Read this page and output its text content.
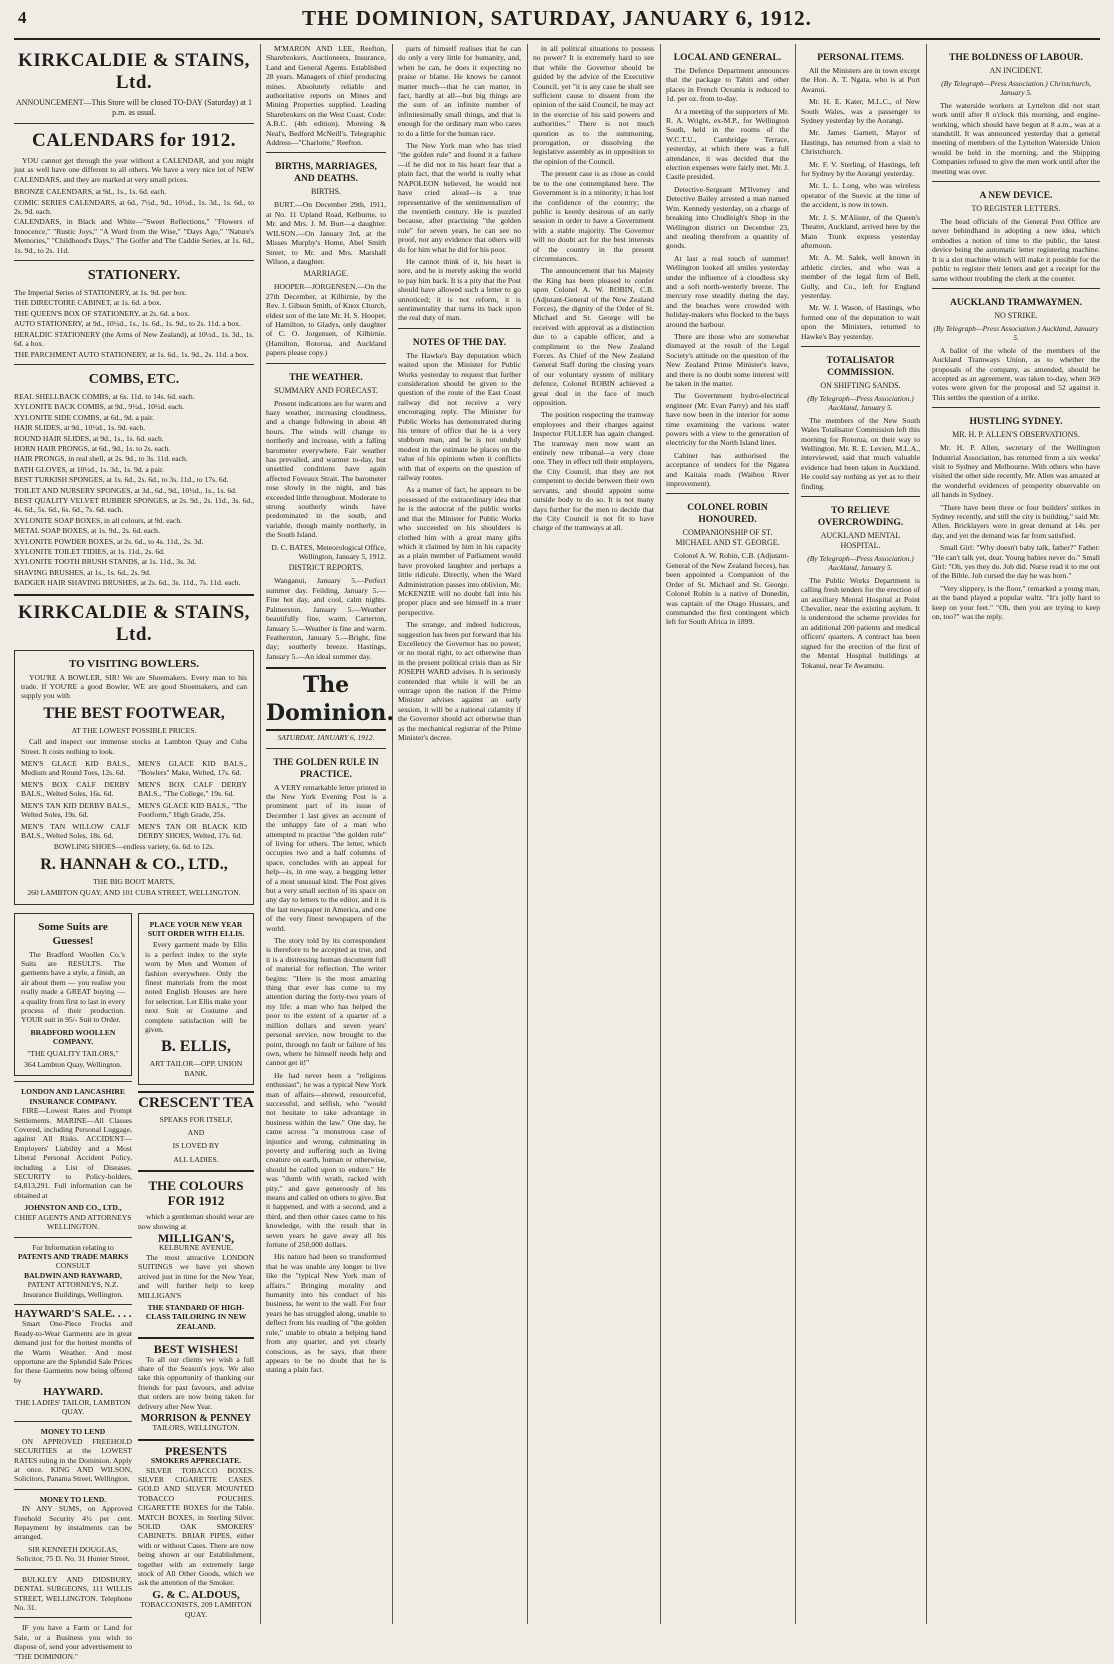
4	THE DOMINION, SATURDAY, JANUARY 6, 1912.
KIRKCALDIE & STAINS, Ltd.
ANNOUNCEMENT—This Store will be closed TO-DAY (Saturday) at 1 p.m. as usual.
CALENDARS for 1912.

YOU cannot get through the year without a CALENDAR, and you might just as well have one different to all others. We have a very nice lot of NEW CALENDARS, and they are marked at very small prices.

BRONZE CALENDARS, at 9d., 1s., 1s. 6d. each.
COMIC SERIES CALENDARS, at 6d., 7½d., 9d., 10½d., 1s. 3d., 1s. 6d., to 2s. 9d. each.
CALENDARS, in Black and White—"Sweet Reflections," "Flowers of Innocence," "Rustic Joys," "A Word from the Wise," "Days Ago," "Nature's Memories," "Childhood's Days," The Golfer and The Caddie Series, at 1s. 6d., 1s. 9d., to 2s. 11d.
STATIONERY.
The Imperial Series of STATIONERY, at 1s. 9d. per box.
THE DIRECTOIRE CABINET, at 1s. 6d. a box.
THE QUEEN'S BOX OF STATIONERY, at 2s. 6d. a box.
AUTO STATIONERY, at 9d., 10½d., 1s., 1s. 6d., 1s. 9d., to 2s. 11d. a box.
HERALDIC STATIONERY (the Arms of New Zealand), at 10½d., 1s. 3d., 1s. 6d. a box.
THE PARCHMENT AUTO STATIONERY, at 1s. 6d., 1s. 9d., 2s. 11d. a box.
COMBS, ETC.
REAL SHELLBACK COMBS, at 6s. 11d. to 14s. 6d. each.
XYLONITE BACK COMBS, at 9d., 9½d., 10½d. each.
XYLONITE SIDE COMBS, at 6d., 9d. a pair.
HAIR SLIDES, at 9d., 10½d., 1s. 9d. each.
ROUND HAIR SLIDES, at 9d., 1s., 1s. 6d. each.
HORN HAIR PRONGS, at 6d., 9d., 1s. to 2s. each.
HAIR PRONGS, in real shell, at 2s. 9d., to 3s. 11d. each.
BATH GLOVES, at 10½d., 1s. 3d., 1s. 9d. a pair.
BEST TURKISH SPONGES, at 1s. 6d., 2s. 6d., to 3s. 11d., to 17s. 6d.
TOILET AND NURSERY SPONGES, at 3d., 6d., 9d., 10½d., 1s., 1s. 6d.
BEST QUALITY VELVET RUBBER SPONGES, at 2s. 9d., 2s. 11d., 3s. 6d., 4s. 6d., 5s. 6d., 6s. 6d., 7s. 6d. each.
XYLONITE SOAP BOXES, in all colours, at 9d. each.
METAL SOAP BOXES, at 1s. 9d., 2s. 6d. each.
XYLONITE POWDER BOXES, at 2s. 6d., to 4s. 11d., 2s. 3d.
XYLONITE TOILET TIDIES, at 1s. 11d., 2s. 6d.
XYLONITE TOOTH BRUSH STANDS, at 1s. 11d., 3s. 3d.
SHAVING BRUSHES, at 1s., 1s. 6d., 2s. 9d.
BADGER HAIR SHAVING BRUSHES, at 2s. 6d., 3s. 11d., 7s. 11d. each.
KIRKCALDIE & STAINS, Ltd.
TO VISITING BOWLERS.

YOU'RE A BOWLER, SIR! We are Shoemakers. Every man to his trade. If YOU'RE a good Bowler, WE are good Shoemakers, and can supply you with

THE BEST FOOTWEAR,
AT THE LOWEST POSSIBLE PRICES.

Call and inspect our immense stocks at Lambton Quay and Cuba Street. It costs nothing to look.

MEN'S GLACE KID BALS., Medium and Round Toes, 12s. 6d.
MEN'S GLACE KID BALS., "Bowlers" Make, Welted, 17s. 6d.
MEN'S BOX CALF DERBY BALS., Welted Soles, 16s. 6d.
MEN'S BOX CALF DERBY BALS., "The College," 19s. 6d.
MEN'S TAN KID DERBY BALS., Welted Soles, 19s. 6d.
MEN'S GLACE KID BALS., "The Footform," High Grade, 25s.
MEN'S TAN WILLOW CALF BALS., Welted Soles, 18s. 6d.
MEN'S TAN OR BLACK KID DERBY SHOES, Welted, 17s. 6d.
BOWLING SHOES—endless variety, 6s. 6d. to 12s.
R. HANNAH & CO., LTD.,
THE BIG BOOT MARTS,
260 LAMBTON QUAY, AND 101 CUBA STREET, WELLINGTON.
Some Suits are Guesses!

The Bradford Woollen Co.'s Suits are RESULTS. The garments have a style, a finish, an air about them — you realise you really made a GREAT buying — a quality from first to last in every process of their production. YOUR suit in 95/- Suit to Order.

BRADFORD WOOLLEN COMPANY.
"THE QUALITY TAILORS,"
364 Lambton Quay, Wellington.
LONDON AND LANCASHIRE INSURANCE COMPANY.

FIRE—Lowest Rates and Prompt Settlements. MARINE—All Classes Covered, including Personal Luggage, against All Risks. ACCIDENT—Employers' Liability and a Most Liberal Personal Accident Policy, including a List of Diseases. SECURITY to Policy-holders, £4,813,291. Full information can be obtained at

JOHNSTON AND CO., LTD.,
CHIEF AGENTS AND ATTORNEYS WELLINGTON.
For Information relating to
PATENTS AND TRADE MARKS
CONSULT
BALDWIN AND RAYWARD,
PATENT ATTORNEYS, N.Z. Insurance Buildings, Wellington.
HAYWARD'S SALE. . . .

Smart One-Piece Frocks and Ready-to-Wear Garments are in great demand just for the hottest months of the Warm Weather. And most opportune are the Splendid Sale Prices for these Garments now being offered by

HAYWARD.
THE LADIES' TAILOR, LAMBTON QUAY.
MONEY TO LEND

ON APPROVED FREEHOLD SECURITIES at the LOWEST RATES ruling in the Dominion. Apply at once. KING AND WILSON, Solicitors, Panama Street, Wellington.

MONEY TO LEND.

IN ANY SUMS, on Approved Freehold Security 4½ per cent. Repayment by instalments can be arranged.

SIR KENNETH DOUGLAS, Solicitor, 75 D. No. 31 Hunter Street.

BULKLEY AND DIDSBURY, DENTAL SURGEONS, 111 WILLIS STREET, WELLINGTON. Telephone No. 31.

IF you have a Farm or Land for Sale, or a Business you wish to dispose of, send your advertisement to "THE DOMINION."

PLACE YOUR NEW YEAR SUIT ORDER WITH ELLIS.

Every garment made by Ellis is a perfect index to the style worn by Men and Women of fashion everywhere. Only the finest materials from the most noted English Houses are here for selection. Let Ellis make your next Suit or Costume and complete satisfaction will be given.

B. ELLIS,
ART TAILOR—OPP. UNION BANK.
CRESCENT TEA
SPEAKS FOR ITSELF,
AND
IS LOVED BY
ALL LADIES.
THE COLOURS FOR 1912

which a gentleman should wear are now showing at

MILLIGAN'S,
KELBURNE AVENUE.

The most attractive LONDON SUITINGS we have yet shown arrived just in time for the New Year, and will further help to keep MILLIGAN'S

THE STANDARD OF HIGH-CLASS TAILORING IN NEW ZEALAND.
BEST WISHES!

To all our clients we wish a full share of the Season's joys. We also take this opportunity of thanking our friends for past favours, and advise that orders are now being taken for delivery after New Year.

MORRISON & PENNEY
TAILORS, WELLINGTON.
PRESENTS
SMOKERS APPRECIATE.

SILVER TOBACCO BOXES. SILVER CIGARETTE CASES. GOLD AND SILVER MOUNTED TOBACCO POUCHES. CIGARETTE BOXES for the Table. MATCH BOXES, in Sterling Silver. SOLID OAK SMOKERS' CABINETS. BRIAR PIPES, either with or without Cases. There are now being shown at our Establishment, together with an extremely large stock of All Other Goods, which we ask the attention of the Smoker.

G. & C. ALDOUS,
TOBACCONISTS, 209 LAMBTON QUAY.

M'MARON AND LEE, Reefton, Sharebrokers, Auctioneers, Insurance, Land and General Agents. Established 28 years. Managers of chief producing mines. Absolutely reliable and authoritative reports on Mines and Mining Properties supplied. Leading Sharebrokers on the West Coast. Code: A.B.C. (4th edition). Moreing & Neal's, Bedford McNeill's. Telegraphic Address—"Charlotte," Reefton.

BIRTHS, MARRIAGES, AND DEATHS.
BIRTHS.

BURT.—On December 29th, 1911, at No. 11 Upland Road, Kelburne, to Mr. and Mrs. J. M. Burt—a daughter. WILSON.—On January 3rd, at the Misses Murphy's Home, Abel Smith Street, to Mr. and Mrs. Marshall Wilson, a daughter.

MARRIAGE.

HOOPER—JORGENSEN.—On the 27th December, at Kilbirnie, by the Rev. J. Gibson Smith, of Knox Church, eldest son of the late Mr. H. S. Hooper, of Hamilton, to Gladys, only daughter of C. O. Jorgensen, of Kilbirnie. (Hamilton, Rotorua, and Auckland papers please copy.)

THE WEATHER.
SUMMARY AND FORECAST.

Present indications are for warm and hazy weather, increasing cloudiness, and a change following in about 48 hours. The winds will change to northerly and increase, with a falling barometer everywhere. Fair weather has prevailed, and warmer to-day, but unsettled conditions have again affected Foveaux Strait. The barometer rose slowly in the night, and has exceeded little throughout. Moderate to strong southerly winds have predominated in the south, and variable, though mainly northerly, in the South Island.

D. C. BATES, Meteorological Office, Wellington, January 5, 1912.
DISTRICT REPORTS.

Wanganui, January 5.—Perfect summer day. Feilding, January 5.—Fine hot day, and cool, calm nights. Palmerston, January 5.—Weather beautifully fine, warm. Carterton, January 5.—Weather is fine and warm. Featherston, January 5.—Bright, fine day; southerly breeze. Hastings, January 5.—An ideal summer day.

The Dominion.
SATURDAY, JANUARY 6, 1912.
THE GOLDEN RULE IN PRACTICE.

A VERY remarkable letter printed in the New York Evening Post is a prominent part of its issue of December 1 last gives an account of the unhappy fate of a man who attempted to practise "the golden rule" of living for others. The letter, which occupies two and a half columns of space, concludes with an appeal for help—is, in one way, a begging letter of a most unusual kind. The Post gives but a very small section of its space on any day to letters to the editor, and it is the last newspaper in America, and one of the very finest newspapers of the world.

The story told by its correspondent is therefore to be accepted as true, and it is a distressing human document full of material for reflection. The writer begins: "Here is the most amazing thing that ever has come to my attention during the forty-two years of my life: a man who has helped the poor to the extent of a quarter of a million dollars and seven years' personal service, now brought to the point, through no fault or failure of his own, where he himself needs help and cannot get it!"

He had never been a "religious enthusiast"; he was a typical New York man of affairs—shrewd, resourceful, successful, and selfish, who "would not hesitate to take advantage in business within the law." One day, he came across "a monstrous case of injustice and wrong, culminating in poverty and suffering such as living creature on earth, human or otherwise, should be called upon to endure." He was "dumb with wrath, racked with pity," and gave generously of his means and called on others to give. But it happened, and with a second, and a third, and then other cases came to his knowledge, with the result that in seven years he gave away all his fortune of 250,000 dollars.

His nature had been so transformed that he was unable any longer to live like the "typical New York man of affairs." Bringing morality and humanity into his conduct of his business, he went to the wall. For four years he has struggled along, unable to deflect from his reading of "the golden rule," unable to obtain a helping hand from any quarter, and yet clearly conscious, as he says, that there appears to be no doubt that he is stating a plain fact.

parts of himself realises that he can do only a very little for humanity, and, when he can, he does it expecting no praise or blame. He knows he cannot matter much—that he can matter, in fact, hardly at all—but big things are the sum of an infinite number of infinitesimally small things, and that is enough for the ordinary man who cares to do a little for the human race.

The New York man who has tried "the golden rule" and found it a failure—if he did not in his heart fear that a plain fact, that the world is really what NAPOLEON believed, he would not have cried aloud—is a true representative of the sentimentalism of the twentieth century. He is puzzled because, after practising "the golden rule" for seven years, he can see no proof, nor any evidence that others will do for him what he did for his poor.

He cannot think of it, his heart is sore, and he is merely asking the world to pay him back. It is a pity that the Post should have allowed such a letter to go unnoticed; it is not reform, it is sentimentality that turns its back upon the real duty of man.

NOTES OF THE DAY.

The Hawke's Bay deputation which waited upon the Minister for Public Works yesterday to request that further consideration should be given to the question of the route of the East Coast railway did not receive a very encouraging reply. The Minister for Public Works has demonstrated during his tenure of office that he is a very stubborn man, and he is not unduly modest in the estimate he places on the value of his opinions when it conflicts with that of experts on the question of railway routes.

As a matter of fact, he appears to be possessed of the extraordinary idea that he is the autocrat of the public works and that the Minister for Public Works who succeeded on his shoulders is clothed him with a great many gifts which it claimed by him in his capacity as a plain member of Parliament would have provoked laughter and perhaps a little ridicule. Directly, when the Ward Administration passes into oblivion, Mr. McKENZIE will no doubt fall into his proper place and see himself in a truer perspective.

The strange, and indeed ludicrous, suggestion has been put forward that his Excellency the Governor has no power, or no moral right, to act otherwise than in the present political crisis than as Sir JOSEPH WARD advises. It is seriously contended that while it will be an outrage upon the nation if the Prime Minister advises against an early session, it will be a national calamity if the Governor should act otherwise than as the mechanical registrar of the Prime Minister's decree.

in all political situations to possess no power? It is extremely hard to see that while the Governor should be guided by the advice of the Executive Council, yet "it is any case he shall see sufficient cause to dissent from the opinion of the said Council, he may act in the exercise of his said powers and authorities." There is not much question as to the summoning, prorogation, or dissolving the legislative assembly as in opposition to the opinion of the Council.

The present case is as close as could be to the one contemplated here. The Government is in a minority; it has lost the confidence of the country; the public is keenly desirous of an early session in order to have a Government with a stable majority. The Governor will no doubt act for the best interests of the country in the present circumstances.

The announcement that his Majesty the King has been pleased to confer upon Colonel A. W. ROBIN, C.B. (Adjutant-General of the New Zealand Forces), the dignity of the Order of St. Michael and St. George will be received with approval as a distinction due to a capable officer, and a compliment to the New Zealand Forces. As Chief of the New Zealand General Staff during the closing years of our voluntary system of military defence, Colonel ROBIN achieved a great deal in the face of much opposition.

The position respecting the tramway employees and their charges against Inspector FULLER has again changed. The tramway men now want an entirely new tribunal—a very close one. They in effect tell their employers, the City Council, that they are not competent to decide between their own servants, and should appoint some outside body to do so. It is not many days further for the men to decide that the City Council is not fit to have charge of the tramways at all.

LOCAL AND GENERAL.

The Defence Department announces that the package to Tahiti and other places in French Oceania is reduced to 1d. per oz. from to-day.

At a meeting of the supporters of Mr. R. A. Wright, ex-M.P., for Wellington South, held in the rooms of the W.C.T.U., Cambridge Terrace, yesterday, at which there was a full attendance, it was decided that the election expenses were fairly met. Mr. J. Castle presided.

Detective-Sergeant M'Ilveney and Detective Bailey arrested a man named Wm. Kennedy yesterday, on a charge of breaking into Chudleigh's Shop in the Wellington district on December 23, and stealing therefrom a quantity of goods.

At last a real touch of summer! Wellington looked all smiles yesterday under the influence of a cloudless sky and a soft north-westerly breeze. The mercury rose steadily during the day, and the beaches were crowded with holiday-makers who flocked to the bays around the harbour.

There are those who are somewhat dismayed at the result of the Legal Society's attitude on the question of the New Zealand Prime Minister's leave, and there is no doubt some interest will be taken in the matter.

The Government hydro-electrical engineer (Mr. Evan Parry) and his staff have now been in the interior for some time examining the various water powers with a view to the generation of electricity for the North Island lines.

Cabinet has authorised the acceptance of tenders for the Ngatea and Kaitaia roads (Waihou River improvement).

COLONEL ROBIN HONOURED.
COMPANIONSHIP OF ST. MICHAEL AND ST. GEORGE.

Colonel A. W. Robin, C.B. (Adjutant-General of the New Zealand forces), has been appointed a Companion of the Order of St. Michael and St. George. Colonel Robin is a native of Dunedin, was captain of the Otago Hussars, and commanded the first contingent which left for South Africa in 1899.

PERSONAL ITEMS.

All the Ministers are in town except the Hon. A. T. Ngata, who is at Port Awanui.

Mr. H. E. Kater, M.L.C., of New South Wales, was a passenger to Sydney yesterday by the Aorangi.

Mr. James Garnett, Mayor of Hastings, has returned from a visit to Christchurch.

Mr. F. V. Sterling, of Hastings, left for Sydney by the Aorangi yesterday.

Mr. L. L. Long, who was wireless operator of the Suevic at the time of the accident, is now in town.

Mr. J. S. M'Alister, of the Queen's Theatre, Auckland, arrived here by the Main Trunk express yesterday afternoon.

Mr. A. M. Salek, well known in athletic circles, and who was a member of the legal firm of Bell, Gully, and Co., left for England yesterday.

Mr. W. J. Wason, of Hastings, who formed one of the deputation to wait upon the Ministers, returned to Hawke's Bay yesterday.

TOTALISATOR COMMISSION.
ON SHIFTING SANDS.
(By Telegraph—Press Association.) Auckland, January 5.

The members of the New South Wales Totalisator Commission left this morning for Rotorua, on their way to Wellington. Mr. R. E. Levien, M.L.A., interviewed, said that much valuable evidence had been taken in Auckland. He could say nothing as yet as to their finding.

TO RELIEVE OVERCROWDING.
AUCKLAND MENTAL HOSPITAL.
(By Telegraph—Press Association.) Auckland, January 5.

The Public Works Department is calling fresh tenders for the erection of an auxiliary Mental Hospital at Point Chevalier, near the existing asylum. It is understood the scheme provides for an additional 200 patients and medical officers' quarters. A contract has been signed for the erection of the first of the Mental Hospital buildings at Tokanui, near Te Awamutu.

THE BOLDNESS OF LABOUR.
AN INCIDENT.
(By Telegraph—Press Association.) Christchurch, January 5.

The waterside workers at Lyttelton did not start work until after 8 o'clock this morning, and engine-working, which should have begun at 8 a.m., was at a standstill. It was announced yesterday that a general meeting of members of the Lyttelton Waterside Union would be held in the morning, and the Shipping Companies refused to give the men work until after the meeting was over.

A NEW DEVICE.
TO REGISTER LETTERS.

The head officials of the General Post Office are never behindhand in adopting a new idea, which embodies a notion of time to the public, the latest device being the automatic letter registering machine. It is a slot machine which will make it possible for the public to register their letters and get a receipt for the same without troubling the clerk at the counter.

AUCKLAND TRAMWAYMEN.
NO STRIKE.
(By Telegraph—Press Association.) Auckland, January 5.

A ballot of the whole of the members of the Auckland Tramways Union, as to whether the proposals of the company, as amended, should be accepted as an agreement, was taken to-day, when 369 votes were given for the proposal and 52 against it. This settles the question of a strike.

HUSTLING SYDNEY.
MR. H. P. ALLEN'S OBSERVATIONS.

Mr. H. P. Allen, secretary of the Wellington Industrial Association, has returned from a six weeks' visit to Sydney and Melbourne. With others who have visited the other side recently, Mr. Allen was amazed at the wonderful evidences of prosperity observable on all hands in Sydney.

"There have been three or four builders' strikes in Sydney recently, and still the city is building," said Mr. Allen. Bricklayers were in great demand at 14s. per day, and yet the demand was far from satisfied.

Small Girl: "Why doesn't baby talk, father?" Father: "He can't talk yet, dear. Young babies never do." Small Girl: "Oh, yes they do. Job did. Nurse read it to me out of the Bible. Job cursed the day he was born."

"Very slippery, is the floor," remarked a young man, as the band played a popular waltz. "It's jolly hard to keep on your feet." "Oh, then you are trying to keep on, too?" was the reply.
